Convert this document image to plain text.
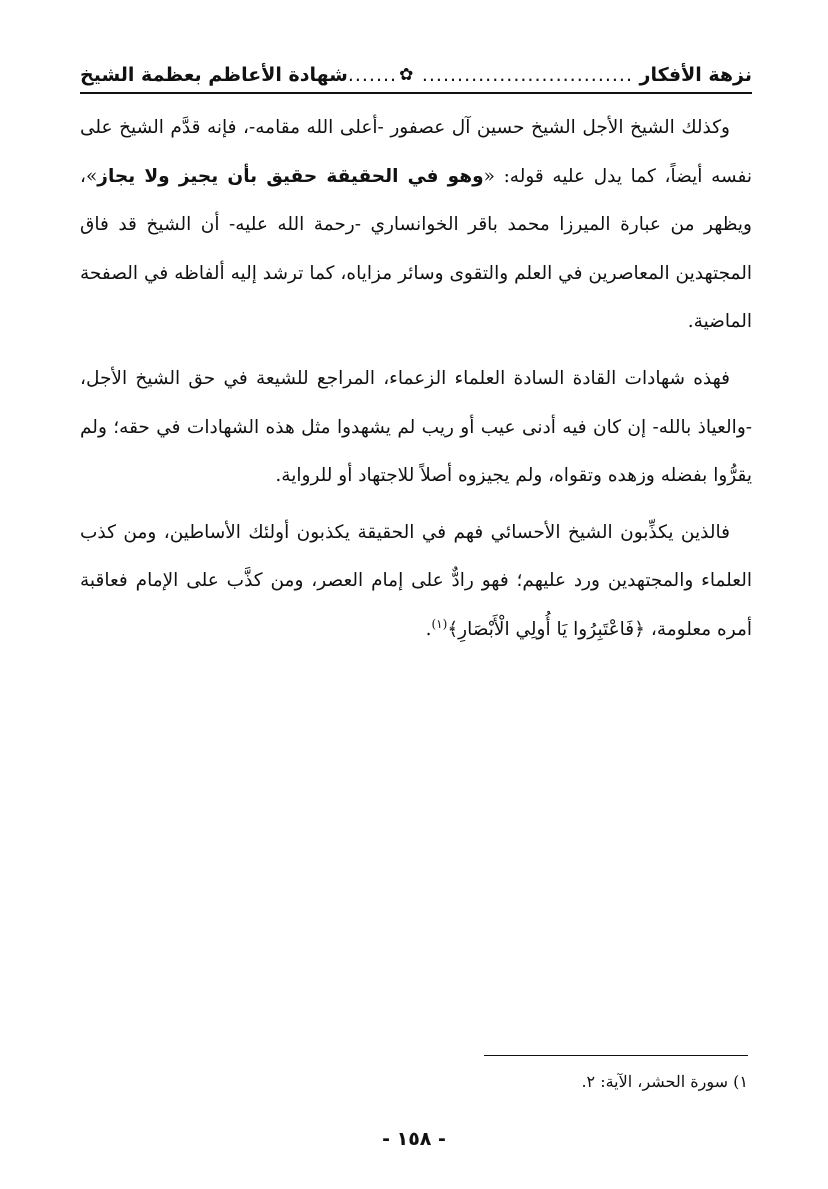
نزهة الأفكار
..............................
✿
.......
شهادة الأعاظم بعظمة الشيخ

وكذلك الشيخ الأجل الشيخ حسين آل عصفور -أعلى الله مقامه-، فإنه قدَّم الشيخ على نفسه أيضاً، كما يدل عليه قوله: «وهو في الحقيقة حقيق بأن يجيز ولا يجاز»، ويظهر من عبارة الميرزا محمد باقر الخوانساري -رحمة الله عليه- أن الشيخ قد فاق المجتهدين المعاصرين في العلم والتقوى وسائر مزاياه، كما ترشد إليه ألفاظه في الصفحة الماضية.

فهذه شهادات القادة السادة العلماء الزعماء، المراجع للشيعة في حق الشيخ الأجل، -والعياذ بالله- إن كان فيه أدنى عيب أو ريب لم يشهدوا مثل هذه الشهادات في حقه؛ ولم يقرُّوا بفضله وزهده وتقواه، ولم يجيزوه أصلاً للاجتهاد أو للرواية.

فالذين يكذِّبون الشيخ الأحسائي فهم في الحقيقة يكذبون أولئك الأساطين، ومن كذب العلماء والمجتهدين ورد عليهم؛ فهو رادٌّ على إمام العصر، ومن كذَّب على الإمام فعاقبة أمره معلومة، ﴿فَاعْتَبِرُوا يَا أُولِي الْأَبْصَارِ﴾$^{(١)}$.

١) سورة الحشر، الآية: ٢.
- ١٥٨ -
